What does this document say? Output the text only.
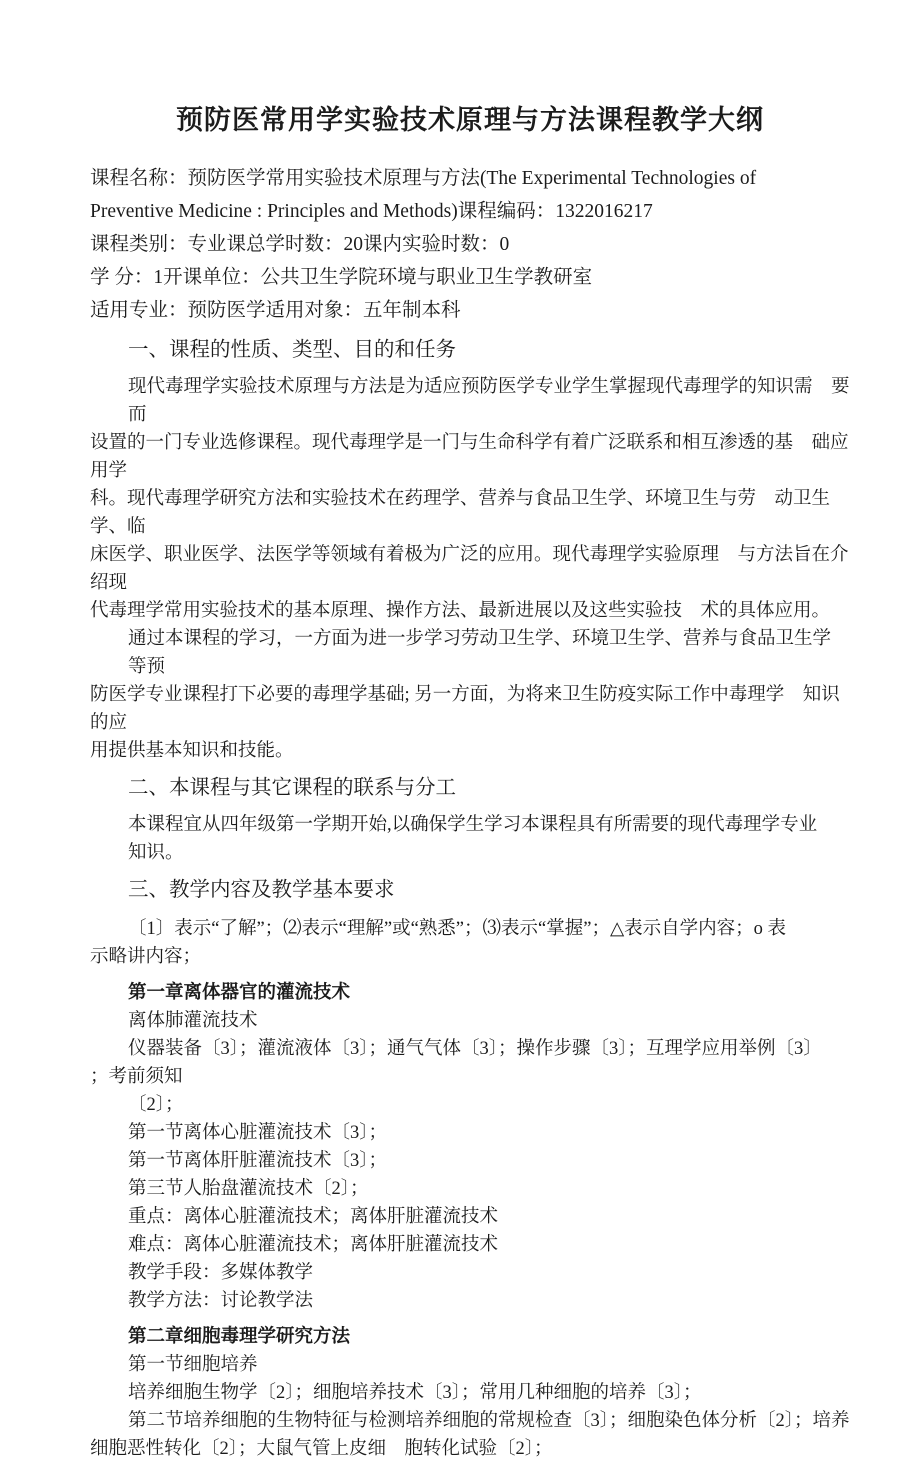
预防医常用学实验技术原理与方法课程教学大纲
课程名称：预防医学常用实验技术原理与方法(The Experimental Technologies of
Preventive Medicine : Principles and Methods)课程编码：1322016217
课程类别：专业课总学时数：20课内实验时数：0
学 分：1开课单位：公共卫生学院环境与职业卫生学教研室
适用专业：预防医学适用对象：五年制本科
一、课程的性质、类型、目的和任务
现代毒理学实验技术原理与方法是为适应预防医学专业学生掌握现代毒理学的知识需　要而
设置的一门专业选修课程。现代毒理学是一门与生命科学有着广泛联系和相互渗透的基　础应用学
科。现代毒理学研究方法和实验技术在药理学、营养与食品卫生学、环境卫生与劳　动卫生学、临
床医学、职业医学、法医学等领域有着极为广泛的应用。现代毒理学实验原理　与方法旨在介绍现
代毒理学常用实验技术的基本原理、操作方法、最新进展以及这些实验技　术的具体应用。
通过本课程的学习，一方面为进一步学习劳动卫生学、环境卫生学、营养与食品卫生学　等预
防医学专业课程打下必要的毒理学基础; 另一方面，为将来卫生防疫实际工作中毒理学　知识的应
用提供基本知识和技能。
二、本课程与其它课程的联系与分工
本课程宜从四年级第一学期开始,以确保学生学习本课程具有所需要的现代毒理学专业　知识。
三、教学内容及教学基本要求
〔1〕表示“了解”；⑵表示“理解”或“熟悉”；⑶表示“掌握”；△表示自学内容；o 表
示略讲内容；
第一章离体器官的灌流技术
离体肺灌流技术
仪器装备〔3〕；灌流液体〔3〕；通气气体〔3〕；操作步骤〔3〕；互理学应用举例〔3〕
；考前须知
〔2〕；
第一节离体心脏灌流技术〔3〕；
第一节离体肝脏灌流技术〔3〕；
第三节人胎盘灌流技术〔2〕；
重点：离体心脏灌流技术；离体肝脏灌流技术
难点：离体心脏灌流技术；离体肝脏灌流技术
教学手段：多媒体教学
教学方法：讨论教学法
第二章细胞毒理学研究方法
第一节细胞培养
培养细胞生物学〔2〕；细胞培养技术〔3〕；常用几种细胞的培养〔3〕；
第二节培养细胞的生物特征与检测培养细胞的常规检查〔3〕；细胞染色体分析〔2〕；培养
细胞恶性转化〔2〕；大鼠气管上皮细　胞转化试验〔2〕；
